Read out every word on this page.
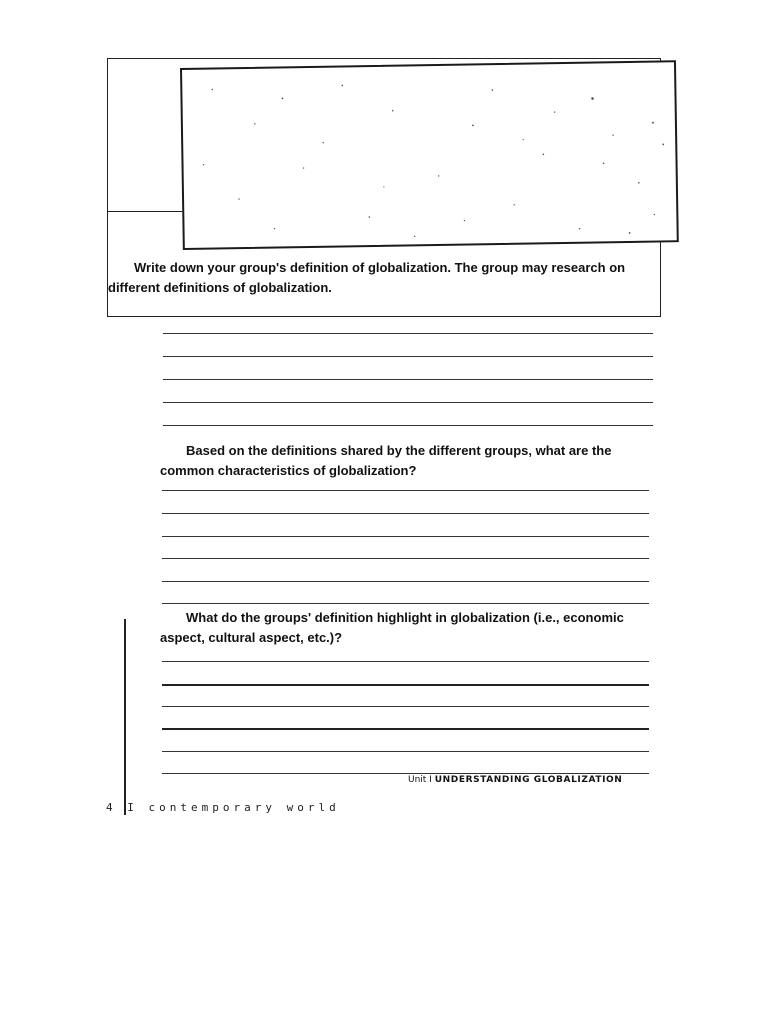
Write down your group's definition of globalization. The group may research on different definitions of globalization.
Based on the definitions shared by the different groups, what are the common characteristics of globalization?
What do the groups' definition highlight in globalization (i.e., economic aspect, cultural aspect, etc.)?
Unit I UNDERSTANDING GLOBALIZATION
4 I contemporary world
